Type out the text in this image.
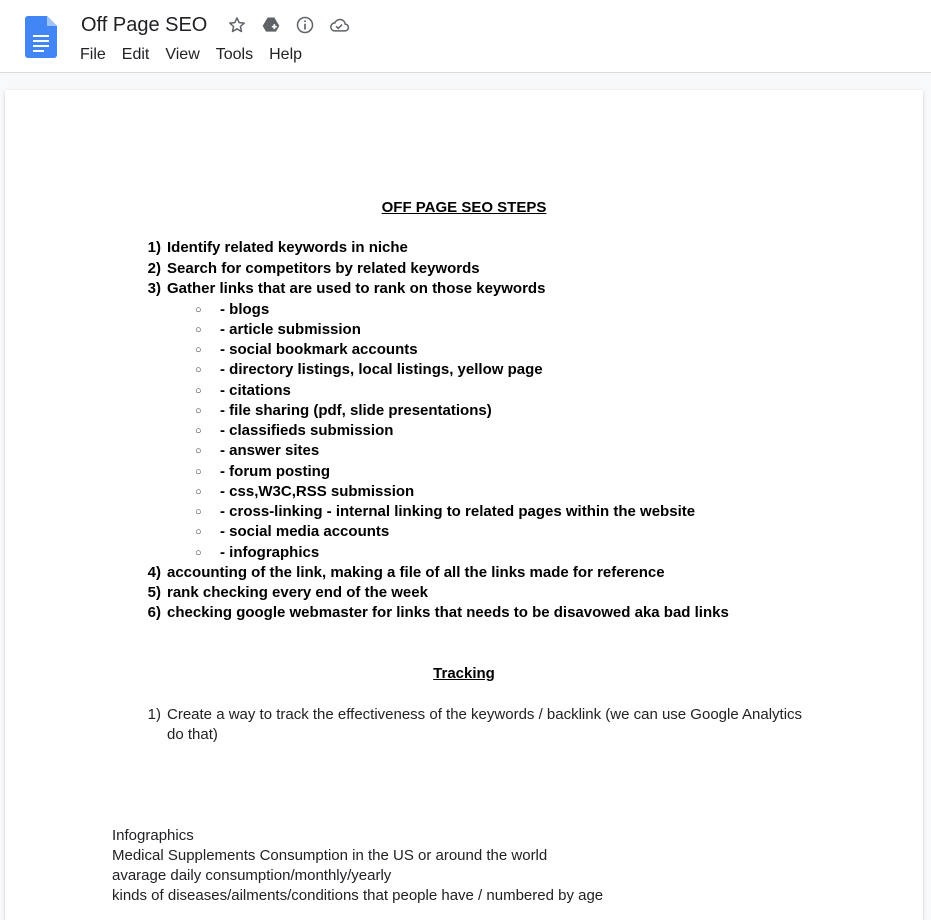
Off Page SEO
File	Edit	View	Tools	Help
OFF PAGE SEO STEPS
1) Identify related keywords in niche
2) Search for competitors by related keywords
3) Gather links that are used to rank on those keywords
○ - blogs
○ - article submission
○ - social bookmark accounts
○ - directory listings, local listings, yellow page
○ - citations
○ - file sharing (pdf, slide presentations)
○ - classifieds submission
○ - answer sites
○ - forum posting
○ - css,W3C,RSS submission
○ - cross-linking - internal linking to related pages within the website
○ - social media accounts
○ - infographics
4) accounting of the link, making a file of all the links made for reference
5) rank checking every end of the week
6) checking google webmaster for links that needs to be disavowed aka bad links
Tracking
1) Create a way to track the effectiveness of the keywords / backlink (we can use Google Analytics do that)
Infographics
Medical Supplements Consumption in the US or around the world
avarage daily consumption/monthly/yearly
kinds of diseases/ailments/conditions that people have / numbered by age
